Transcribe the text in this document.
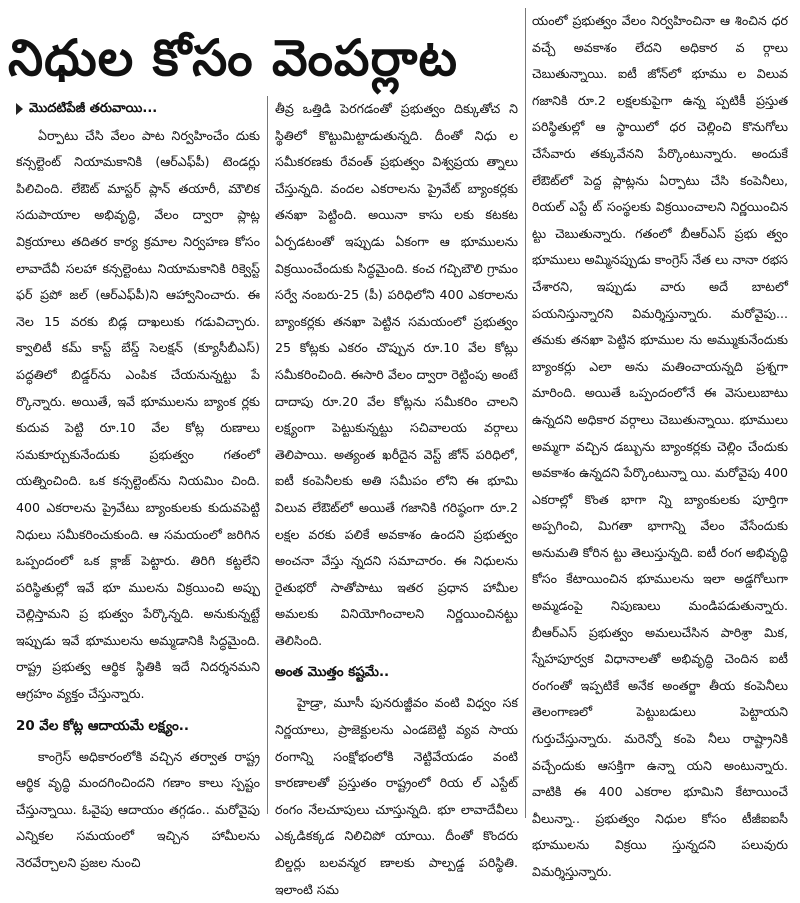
నిధుల కోసం వెంపర్లాట

మొదటిపేజీ తరువాయి...

ఏర్పాటు చేసి వేలం పాట నిర్వహించేం దుకు కన్సల్టెంట్ నియామకానికి (ఆర్ఎఫ్‌పీ) టెండర్లు పిలిచింది. లేఔట్ మాస్టర్ ప్లాన్ తయారీ, మౌలిక సదుపాయాల అభివృద్ధి, వేలం ద్వారా ప్లాట్ల విక్రయాలు తదితర కార్య క్రమాల నిర్వహణ కోసం లావాదేవీ సలహా కన్సల్టెంటు నియామకానికి రిక్వెస్ట్ ఫర్ ప్రపో జల్ (ఆర్ఎఫ్‌పీ)ని ఆహ్వానించారు. ఈ నెల 15 వరకు బిడ్ల దాఖలుకు గడువిచ్చారు. క్వాలిటీ కమ్ కాస్ట్ బేస్డ్ సెలక్షన్ (క్యూసీబీఎస్) పద్ధతిలో బిడ్డర్‌ను ఎంపిక చేయనున్నట్టు పే ర్కొన్నారు. అయితే, ఇవే భూములను బ్యాంక ర్లకు కుదువ పెట్టి రూ.10 వేల కోట్ల రుణాలు సమకూర్చుకునేందుకు ప్రభుత్వం గతంలో యత్నించింది. ఒక కన్సల్టెంట్‌ను నియమిం చింది. 400 ఎకరాలను ప్రైవేటు బ్యాంకులకు కుదువపెట్టి నిధులు సమీకరించుకుంది. ఆ సమయంలో జరిగిన ఒప్పందంలో ఒక క్లాజ్ పెట్టారు. తిరిగి కట్టలేని పరిస్థితుల్లో ఇవే భూ ములను విక్రయించి అప్పు చెల్లిస్తామని ప్ర భుత్వం పేర్కొన్నది. అనుకున్నట్టే ఇప్పుడు ఇవే భూములను అమ్మడానికి సిద్ధమైంది. రాష్ట్ర ప్రభుత్వ ఆర్థిక స్థితికి ఇదే నిదర్శనమని ఆగ్రహం వ్యక్తం చేస్తున్నారు.

20 వేల కోట్ల ఆదాయమే లక్ష్యం..

కాంగ్రెస్ అధికారంలోకి వచ్చిన తర్వాత రాష్ట్ర ఆర్థిక వృద్ధి మందగించిందని గణాం కాలు స్పష్టం చేస్తున్నాయి. ఓవైపు ఆదాయం తగ్గడం.. మరోవైపు ఎన్నికల సమయంలో ఇచ్చిన హామీలను నెరవేర్చాలని ప్రజల నుంచి

తీవ్ర ఒత్తిడి పెరగడంతో ప్రభుత్వం దిక్కుతోచ ని స్థితిలో కొట్టుమిట్టాడుతున్నది. దీంతో నిధు ల సమీకరణకు రేవంత్ ప్రభుత్వం విశ్వప్రయ త్నాలు చేస్తున్నది. వందల ఎకరాలను ప్రైవేట్ బ్యాంకర్లకు తనఖా పెట్టింది. అయినా కాసు లకు కటకట ఏర్పడటంతో ఇప్పుడు ఏకంగా ఆ భూములను విక్రయించేందుకు సిద్ధమైంది. కంచ గచ్చిబౌలి గ్రామం సర్వే నంబరు-25 (పీ) పరిధిలోని 400 ఎకరాలను బ్యాంకర్లకు తనఖా పెట్టిన సమయంలో ప్రభుత్వం 25 కోట్లకు ఎకరం చొప్పున రూ.10 వేల కోట్లు సమీకరించింది. ఈసారి వేలం ద్వారా రెట్టింపు అంటే దాదాపు రూ.20 వేల కోట్లను సమీకరిం చాలని లక్ష్యంగా పెట్టుకున్నట్టు సచివాలయ వర్గాలు తెలిపాయి. అత్యంత ఖరీదైన వెస్ట్ జోన్ పరిధిలో, ఐటీ కంపెనీలకు అతి సమీపం లోని ఈ భూమి విలువ లేఔట్‌లో అయితే గజానికి గరిష్ఠంగా రూ.2 లక్షల వరకు పలికే అవకాశం ఉందని ప్రభుత్వం అంచనా వేస్తు న్నదని సమాచారం. ఈ నిధులను రైతుభరో సాతోపాటు ఇతర ప్రధాన హామీల అమలకు వినియోగించాలని నిర్ణయించినట్టు తెలిసింది.

అంత మొత్తం కష్టమే..

హైడ్రా, మూసీ పునరుజ్జీవం వంటి విధ్వం సక నిర్ణయాలు, ప్రాజెక్టులను ఎండబెట్టి వ్యవ సాయ రంగాన్ని సంక్షోభంలోకి నెట్టివేయడం వంటి కారణాలతో ప్రస్తుతం రాష్ట్రంలో రియ ల్ ఎస్టేట్ రంగం నేలచూపులు చూస్తున్నది. భూ లావాదేవీలు ఎక్కడికక్కడ నిలిచిపో యాయి. దీంతో కొందరు బిల్డర్లు బలవన్మర ణాలకు పాల్పడ్డ పరిస్థితి. ఇలాంటి సమ

యంలో ప్రభుత్వం వేలం నిర్వహించినా ఆ శించిన ధర వచ్చే అవకాశం లేదని అధికార వ ర్గాలు చెబుతున్నాయి. ఐటీ జోన్‌లో భూము ల విలువ గజానికి రూ.2 లక్షలకుపైగా ఉన్న ప్పటికీ ప్రస్తుత పరిస్థితుల్లో ఆ స్థాయిలో ధర చెల్లించి కొనుగోలు చేసేవారు తక్కువేనని పేర్కొంటున్నారు. అందుకే లేఔట్‌లో పెద్ద ప్లాట్లను ఏర్పాటు చేసి కంపెనీలు, రియల్ ఎస్టే ట్ సంస్థలకు విక్రయించాలని నిర్ణయించిన ట్టు చెబుతున్నారు. గతంలో బీఆర్ఎస్ ప్రభు త్వం భూములు అమ్మినప్పుడు కాంగ్రెస్ నేత లు నానా రభస చేశారని, ఇప్పుడు వారు అదే బాటలో పయనిస్తున్నారని విమర్శిస్తున్నారు. మరోవైపు... తమకు తనఖా పెట్టిన భూముల ను అమ్ముకునేందుకు బ్యాంకర్లు ఎలా అను మతించాయన్నది ప్రశ్నగా మారింది. అయితే ఒప్పందంలోనే ఈ వెసులుబాటు ఉన్నదని అధికార వర్గాలు చెబుతున్నాయి. భూములు అమ్మగా వచ్చిన డబ్బును బ్యాంకర్లకు చెల్లిం చేందుకు అవకాశం ఉన్నదని పేర్కొంటున్నా యి. మరోవైపు 400 ఎకరాల్లో కొంత భాగా న్ని బ్యాంకులకు పూర్తిగా అప్పగించి, మిగతా భాగాన్ని వేలం వేసేందుకు అనుమతి కోరిన ట్టు తెలుస్తున్నది. ఐటీ రంగ అభివృద్ధి కోసం కేటాయించిన భూములను ఇలా అడ్డగోలుగా అమ్మడంపై నిపుణులు మండిపడుతున్నారు. బీఆర్ఎస్ ప్రభుత్వం అమలుచేసిన పారిశ్రా మిక, స్నేహపూర్వక విధానాలతో అభివృద్ధి చెందిన ఐటీ రంగంతో ఇప్పటికే అనేక అంతర్జా తీయ కంపెనీలు తెలంగాణలో పెట్టుబడులు పెట్టాయని గుర్తుచేస్తున్నారు. మరెన్నో కంపె నీలు రాష్ట్రానికి వచ్చేందుకు ఆసక్తిగా ఉన్నా యని అంటున్నారు. వాటికి ఈ 400 ఎకరాల భూమిని కేటాయించే వీలున్నా.. ప్రభుత్వం నిధుల కోసం టీజీఐఐసీ భూములను విక్రయి స్తున్నదని పలువురు విమర్శిస్తున్నారు.
